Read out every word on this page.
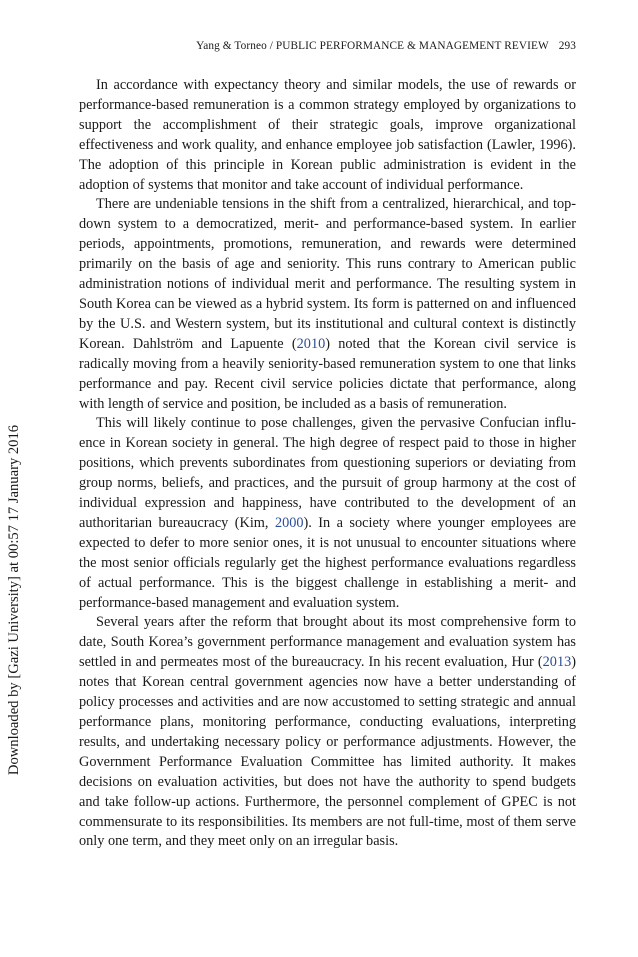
Yang & Torneo / PUBLIC PERFORMANCE & MANAGEMENT REVIEW 293
Downloaded by [Gazi University] at 00:57 17 January 2016

In accordance with expectancy theory and similar models, the use of rewards or performance-based remuneration is a common strategy employed by organizations to support the accomplishment of their strategic goals, improve organizational effectiveness and work quality, and enhance employee job satisfaction (Lawler, 1996). The adoption of this principle in Korean public administration is evident in the adoption of systems that monitor and take account of individual performance.

There are undeniable tensions in the shift from a centralized, hierarchical, and top-down system to a democratized, merit- and performance-based system. In earlier periods, appointments, promotions, remuneration, and rewards were determined primarily on the basis of age and seniority. This runs contrary to American public administration notions of individual merit and performance. The resulting system in South Korea can be viewed as a hybrid system. Its form is patterned on and influenced by the U.S. and Western system, but its institutional and cultural context is distinctly Korean. Dahlström and Lapuente (2010) noted that the Korean civil service is radically moving from a heavily seniority-based remuneration system to one that links performance and pay. Recent civil service policies dictate that performance, along with length of service and position, be included as a basis of remuneration.

This will likely continue to pose challenges, given the pervasive Confucian influence in Korean society in general. The high degree of respect paid to those in higher positions, which prevents subordinates from questioning superiors or deviating from group norms, beliefs, and practices, and the pursuit of group harmony at the cost of individual expression and happiness, have contributed to the development of an authoritarian bureaucracy (Kim, 2000). In a society where younger employees are expected to defer to more senior ones, it is not unusual to encounter situations where the most senior officials regularly get the highest performance evaluations regardless of actual performance. This is the biggest challenge in establishing a merit- and performance-based management and evaluation system.

Several years after the reform that brought about its most comprehensive form to date, South Korea’s government performance management and evaluation system has settled in and permeates most of the bureaucracy. In his recent evaluation, Hur (2013) notes that Korean central government agencies now have a better understanding of policy processes and activities and are now accustomed to setting strategic and annual performance plans, monitoring performance, conducting evaluations, interpreting results, and undertaking necessary policy or performance adjustments. However, the Government Performance Evaluation Committee has limited authority. It makes decisions on evaluation activities, but does not have the authority to spend budgets and take follow-up actions. Furthermore, the personnel complement of GPEC is not commensurate to its responsibilities. Its members are not full-time, most of them serve only one term, and they meet only on an irregular basis.
